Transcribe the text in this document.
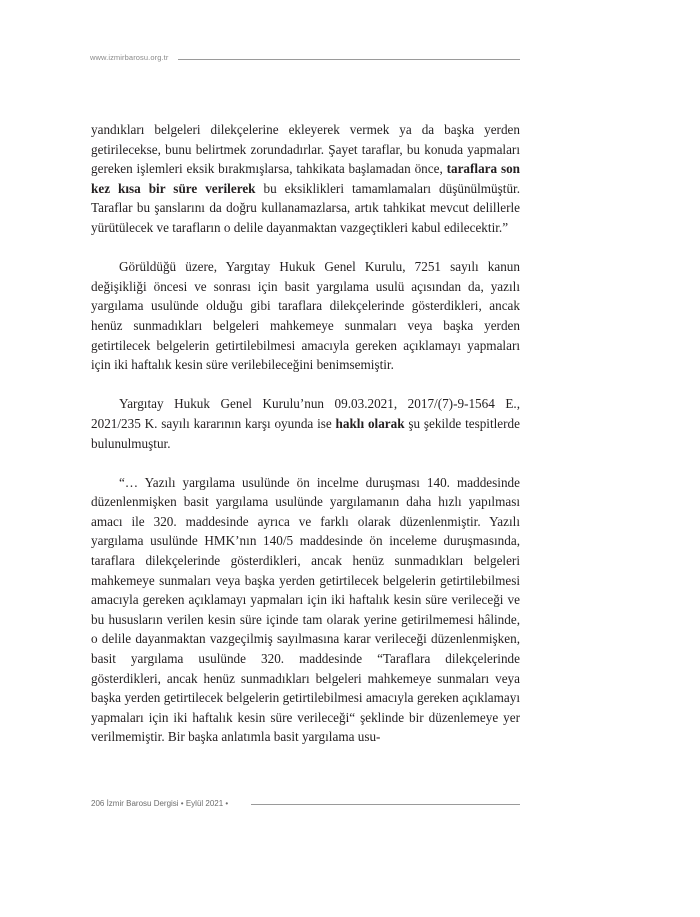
www.izmirbarosu.org.tr

yandıkları belgeleri dilekçelerine ekleyerek vermek ya da başka yerden getirilecekse, bunu belirtmek zorundadırlar. Şayet taraflar, bu konuda yapmaları gereken işlemleri eksik bırakmışlarsa, tahkikata başlamadan önce, taraflara son kez kısa bir süre verilerek bu eksiklikleri tamamlamaları düşünülmüştür. Taraflar bu şanslarını da doğru kullanamazlarsa, artık tahkikat mevcut delillerle yürütülecek ve tarafların o delile dayanmaktan vazgeçtikleri kabul edilecektir.”

Görüldüğü üzere, Yargıtay Hukuk Genel Kurulu, 7251 sayılı kanun değişikliği öncesi ve sonrası için basit yargılama usulü açısından da, yazılı yargılama usulünde olduğu gibi taraflara dilekçelerinde gösterdikleri, ancak henüz sunmadıkları belgeleri mahkemeye sunmaları veya başka yerden getirtilecek belgelerin getirtilebilmesi amacıyla gereken açıklamayı yapmaları için iki haftalık kesin süre verilebileceğini benimsemiştir.

Yargıtay Hukuk Genel Kurulu’nun 09.03.2021, 2017/(7)-9-1564 E., 2021/235 K. sayılı kararının karşı oyunda ise haklı olarak şu şekilde tespitlerde bulunulmuştur.

“… Yazılı yargılama usulünde ön incelme duruşması 140. maddesinde düzenlenmişken basit yargılama usulünde yargılamanın daha hızlı yapılması amacı ile 320. maddesinde ayrıca ve farklı olarak düzenlenmiştir. Yazılı yargılama usulünde HMK’nın 140/5 maddesinde ön inceleme duruşmasında, taraflara dilekçelerinde gösterdikleri, ancak henüz sunmadıkları belgeleri mahkemeye sunmaları veya başka yerden getirtilecek belgelerin getirtilebilmesi amacıyla gereken açıklamayı yapmaları için iki haftalık kesin süre verileceği ve bu hususların verilen kesin süre içinde tam olarak yerine getirilmemesi hâlinde, o delile dayanmaktan vazgeçilmiş sayılmasına karar verileceği düzenlenmişken, basit yargılama usulünde 320. maddesinde “Taraflara dilekçelerinde gösterdikleri, ancak henüz sunmadıkları belgeleri mahkemeye sunmaları veya başka yerden getirtilecek belgelerin getirtilebilmesi amacıyla gereken açıklamayı yapmaları için iki haftalık kesin süre verileceği“ şeklinde bir düzenlemeye yer verilmemiştir. Bir başka anlatımla basit yargılama usu-

206 İzmir Barosu Dergisi • Eylül 2021 •
